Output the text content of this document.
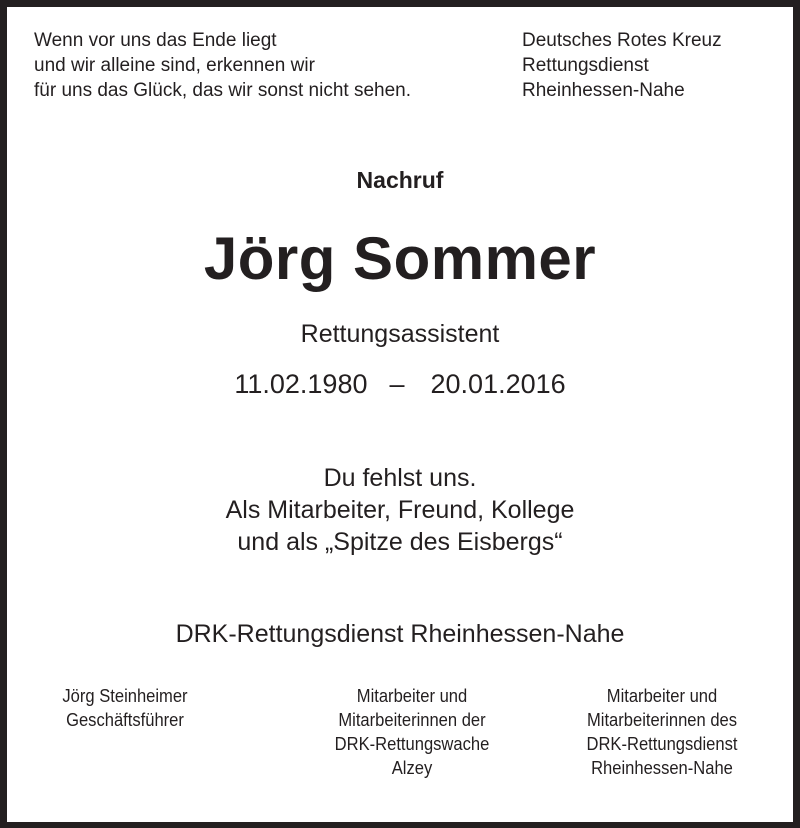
Wenn vor uns das Ende liegt
und wir alleine sind, erkennen wir
für uns das Glück, das wir sonst nicht sehen.
Deutsches Rotes Kreuz
Rettungsdienst
Rheinhessen-Nahe
Nachruf
Jörg Sommer
Rettungsassistent
11.02.1980 – 20.01.2016
Du fehlst uns.
Als Mitarbeiter, Freund, Kollege
und als „Spitze des Eisbergs“
DRK-Rettungsdienst Rheinhessen-Nahe
Jörg Steinheimer
Geschäftsführer
Mitarbeiter und
Mitarbeiterinnen der
DRK-Rettungswache
Alzey
Mitarbeiter und
Mitarbeiterinnen des
DRK-Rettungsdienst
Rheinhessen-Nahe
